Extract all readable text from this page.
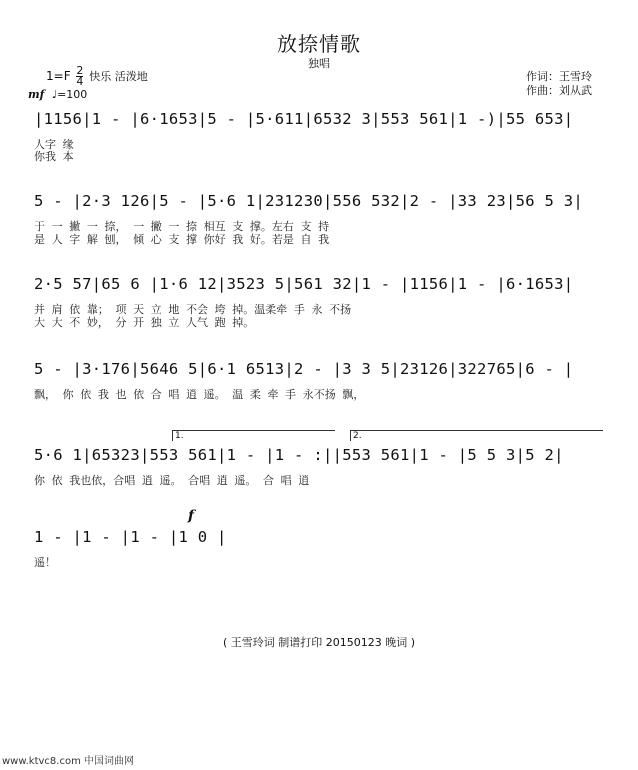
放捺情歌
独唱
作词：王雪玲
作曲：刘从武
$1=F \frac{2}{4}$ 快乐 活泼地
mf ♩=100
|1156|1 - |6·1653|5 - |5·611|6532 3|553 561|1 -)|55 653|
人字 缘
你我 本
5 - |2·3 126|5 - |5·6 1|231230|556 532|2 - |33 23|56 5 3|
于 一 撇 一 捺， 一 撇 一 捺 相互 支 撑。左右 支 持
是 人 字 解 刨， 倾 心 支 撑 你好 我 好。若是 自 我
2·5 57|65 6 |1·6 12|3523 5|561 32|1 - |1156|1 - |6·1653|
并 肩 依 靠； 项 天 立 地 不会 垮 掉。温柔牵 手 永 不扬
大 大 不 妙， 分 开 独 立 人气 跑 掉。
5 - |3·176|5646 5|6·1 6513|2 - |3 3 5|23126|322765|6 - |
飘， 你 依 我 也 依 合 唱 逍 遥。 温 柔 牵 手 永不扬 飘，
1.	2.
5·6 1|65323|553 561|1 - |1 - :||553 561|1 - |5 5 3|5 2|
你 依 我也依，合唱 逍 遥。 合唱 逍 遥。 合 唱 逍
f
1 - |1 - |1 - |1 0 |
遥！
( 王雪玲词 制谱打印 20150123 晚词 )
www.ktvc8.com 中国词曲网
